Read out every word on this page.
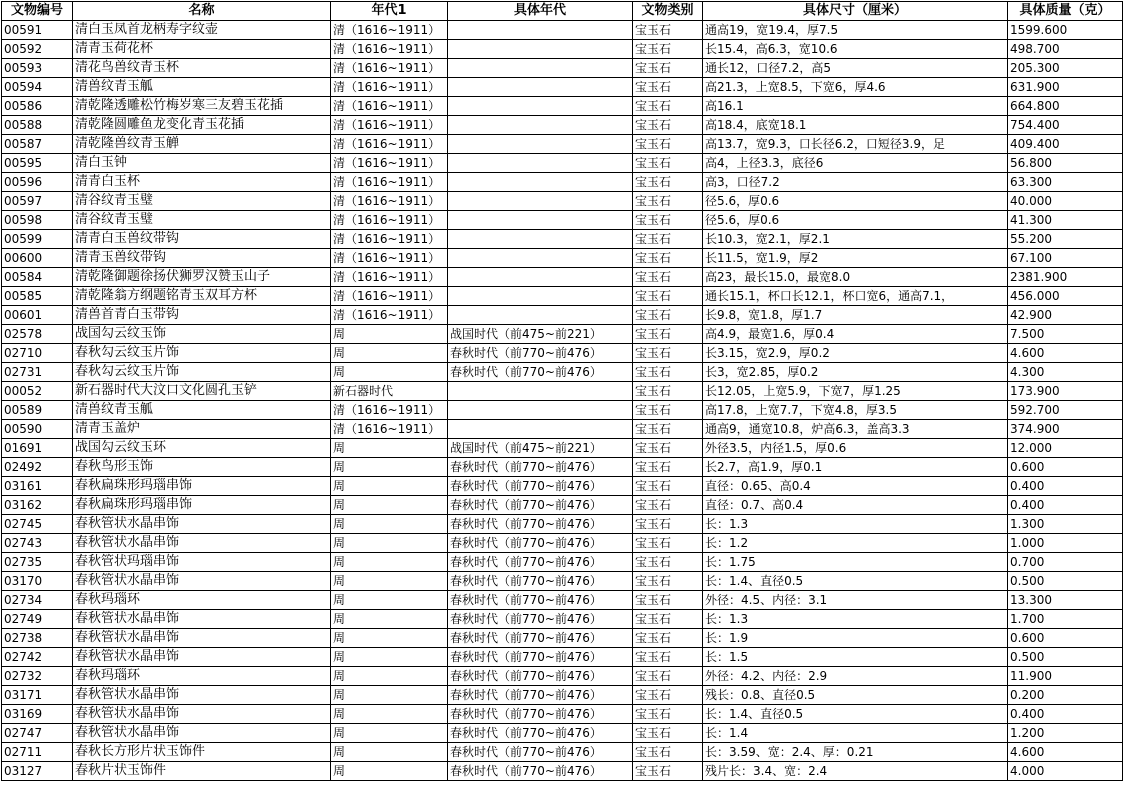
文物编号	名称	年代1	具体年代	文物类别	具体尺寸（厘米）	具体质量（克）
00591	清白玉凤首龙柄寿字纹壶	清（1616~1911）		宝玉石	通高19，宽19.4，厚7.5	1599.600
00592	清青玉荷花杯	清（1616~1911）		宝玉石	长15.4，高6.3，宽10.6	498.700
00593	清花鸟兽纹青玉杯	清（1616~1911）		宝玉石	通长12，口径7.2，高5	205.300
00594	清兽纹青玉觚	清（1616~1911）		宝玉石	高21.3，上宽8.5，下宽6，厚4.6	631.900
00586	清乾隆透雕松竹梅岁寒三友碧玉花插	清（1616~1911）		宝玉石	高16.1	664.800
00588	清乾隆圆雕鱼龙变化青玉花插	清（1616~1911）		宝玉石	高18.4，底宽18.1	754.400
00587	清乾隆兽纹青玉觯	清（1616~1911）		宝玉石	高13.7，宽9.3，口长径6.2，口短径3.9，足	409.400
00595	清白玉钟	清（1616~1911）		宝玉石	高4，上径3.3，底径6	56.800
00596	清青白玉杯	清（1616~1911）		宝玉石	高3，口径7.2	63.300
00597	清谷纹青玉璧	清（1616~1911）		宝玉石	径5.6，厚0.6	40.000
00598	清谷纹青玉璧	清（1616~1911）		宝玉石	径5.6，厚0.6	41.300
00599	清青白玉兽纹带钩	清（1616~1911）		宝玉石	长10.3，宽2.1，厚2.1	55.200
00600	清青玉兽纹带钩	清（1616~1911）		宝玉石	长11.5，宽1.9，厚2	67.100
00584	清乾隆御题徐扬伏狮罗汉赞玉山子	清（1616~1911）		宝玉石	高23，最长15.0，最宽8.0	2381.900
00585	清乾隆翁方纲题铭青玉双耳方杯	清（1616~1911）		宝玉石	通长15.1，杯口长12.1，杯口宽6，通高7.1，	456.000
00601	清兽首青白玉带钩	清（1616~1911）		宝玉石	长9.8，宽1.8，厚1.7	42.900
02578	战国勾云纹玉饰	周	战国时代（前475~前221）	宝玉石	高4.9，最宽1.6，厚0.4	7.500
02710	春秋勾云纹玉片饰	周	春秋时代（前770~前476）	宝玉石	长3.15，宽2.9，厚0.2	4.600
02731	春秋勾云纹玉片饰	周	春秋时代（前770~前476）	宝玉石	长3，宽2.85，厚0.2	4.300
00052	新石器时代大汶口文化圆孔玉铲	新石器时代		宝玉石	长12.05，上宽5.9，下宽7，厚1.25	173.900
00589	清兽纹青玉觚	清（1616~1911）		宝玉石	高17.8，上宽7.7，下宽4.8，厚3.5	592.700
00590	清青玉盖炉	清（1616~1911）		宝玉石	通高9，通宽10.8，炉高6.3，盖高3.3	374.900
01691	战国勾云纹玉环	周	战国时代（前475~前221）	宝玉石	外径3.5，内径1.5，厚0.6	12.000
02492	春秋鸟形玉饰	周	春秋时代（前770~前476）	宝玉石	长2.7，高1.9，厚0.1	0.600
03161	春秋扁珠形玛瑙串饰	周	春秋时代（前770~前476）	宝玉石	直径：0.65、高0.4	0.400
03162	春秋扁珠形玛瑙串饰	周	春秋时代（前770~前476）	宝玉石	直径：0.7、高0.4	0.400
02745	春秋管状水晶串饰	周	春秋时代（前770~前476）	宝玉石	长：1.3	1.300
02743	春秋管状水晶串饰	周	春秋时代（前770~前476）	宝玉石	长：1.2	1.000
02735	春秋管状玛瑙串饰	周	春秋时代（前770~前476）	宝玉石	长：1.75	0.700
03170	春秋管状水晶串饰	周	春秋时代（前770~前476）	宝玉石	长：1.4、直径0.5	0.500
02734	春秋玛瑙环	周	春秋时代（前770~前476）	宝玉石	外径：4.5、内径：3.1	13.300
02749	春秋管状水晶串饰	周	春秋时代（前770~前476）	宝玉石	长：1.3	1.700
02738	春秋管状水晶串饰	周	春秋时代（前770~前476）	宝玉石	长：1.9	0.600
02742	春秋管状水晶串饰	周	春秋时代（前770~前476）	宝玉石	长：1.5	0.500
02732	春秋玛瑙环	周	春秋时代（前770~前476）	宝玉石	外径：4.2、内径：2.9	11.900
03171	春秋管状水晶串饰	周	春秋时代（前770~前476）	宝玉石	残长：0.8、直径0.5	0.200
03169	春秋管状水晶串饰	周	春秋时代（前770~前476）	宝玉石	长：1.4、直径0.5	0.400
02747	春秋管状水晶串饰	周	春秋时代（前770~前476）	宝玉石	长：1.4	1.200
02711	春秋长方形片状玉饰件	周	春秋时代（前770~前476）	宝玉石	长：3.59、宽：2.4、厚：0.21	4.600
03127	春秋片状玉饰件	周	春秋时代（前770~前476）	宝玉石	残片长：3.4、宽：2.4	4.000
